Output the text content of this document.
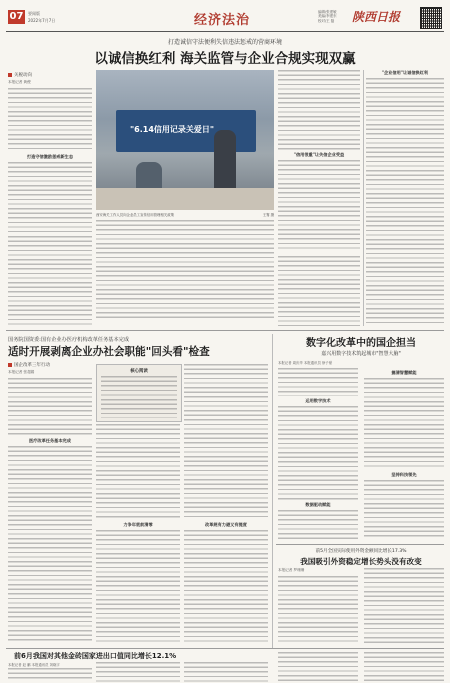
07	要闻版
2022年7月7日	经济法治
编辑/张建敏
美编/李建东
校对/王 磊 陕西日报
打造诚信守法便利失信违法惩戒的营商环境
以诚信换红利 海关监管与企业合规实现双赢
关税动向
本报记者 黄俊
"6.14信用记录关爱日"
西安海关工作人员向企业员工宣传信用管理相关政策	王骞 摄
"信用很重"让失信企业受益
"企业信用"让诚信换红利
打造守信激励惩戒新生态
国务院国资委:国有企业办医疗机构改革任务基本完成
适时开展剥离企业办社会职能"回头看"检查
国企改革三年行动
本报记者 张超娟
医疗改革任务基本完成
核心阅读
力争年底前清零	改革规有力避又有提度
数字化改革中的国企担当
嘉兴用数字技术筑起城市"智慧大脑"
本报记者 周庆华 本报通讯员 徐子豪
运用数字技术
数据驱动赋能
搞清智慧赋能
坚持科技领先
前5月全国实际使用外资金额同比增长17.3%
我国吸引外资稳定增长势头没有改变
本报记者 罗珊珊
前6月我国对其他金砖国家进出口值同比增长12.1%
本报记者 赵 鹏 本报通讯员 刘晓宇
